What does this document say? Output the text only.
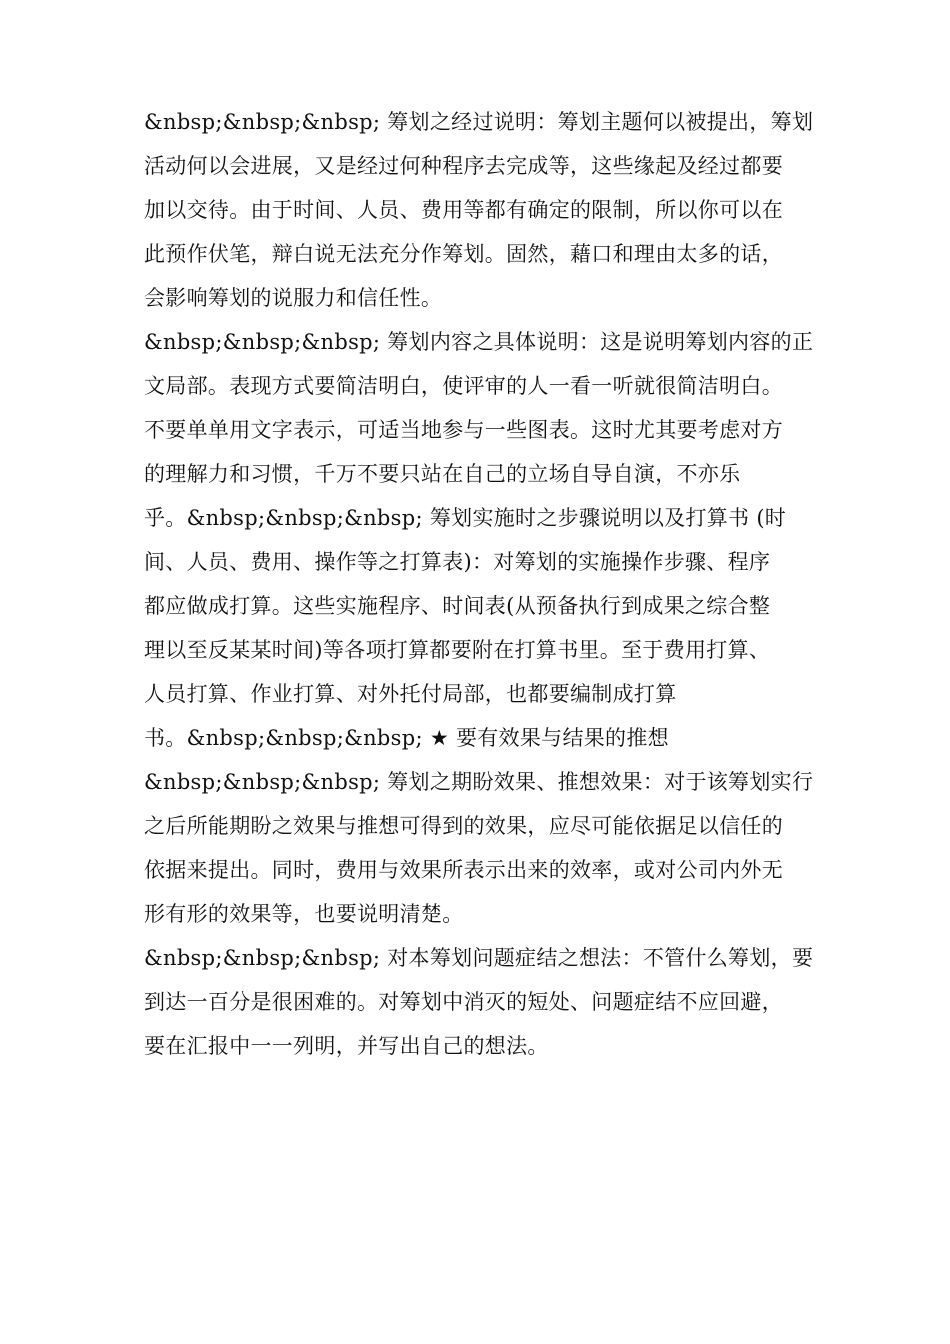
&nbsp;&nbsp;&nbsp; 筹划之经过说明：筹划主题何以被提出，筹划
活动何以会进展，又是经过何种程序去完成等，这些缘起及经过都要
加以交待。由于时间、人员、费用等都有确定的限制，所以你可以在
此预作伏笔，辩白说无法充分作筹划。固然，藉口和理由太多的话，
会影响筹划的说服力和信任性。
&nbsp;&nbsp;&nbsp; 筹划内容之具体说明：这是说明筹划内容的正
文局部。表现方式要简洁明白，使评审的人一看一听就很简洁明白。
不要单单用文字表示，可适当地参与一些图表。这时尤其要考虑对方
的理解力和习惯，千万不要只站在自己的立场自导自演，不亦乐
乎。&nbsp;&nbsp;&nbsp; 筹划实施时之步骤说明以及打算书 (时
间、人员、费用、操作等之打算表)：对筹划的实施操作步骤、程序
都应做成打算。这些实施程序、时间表(从预备执行到成果之综合整
理以至反某某时间)等各项打算都要附在打算书里。至于费用打算、
人员打算、作业打算、对外托付局部，也都要编制成打算
书。&nbsp;&nbsp;&nbsp; ★ 要有效果与结果的推想
&nbsp;&nbsp;&nbsp; 筹划之期盼效果、推想效果：对于该筹划实行
之后所能期盼之效果与推想可得到的效果，应尽可能依据足以信任的
依据来提出。同时，费用与效果所表示出来的效率，或对公司内外无
形有形的效果等，也要说明清楚。
&nbsp;&nbsp;&nbsp; 对本筹划问题症结之想法：不管什么筹划，要
到达一百分是很困难的。对筹划中消灭的短处、问题症结不应回避，
要在汇报中一一列明，并写出自己的想法。
